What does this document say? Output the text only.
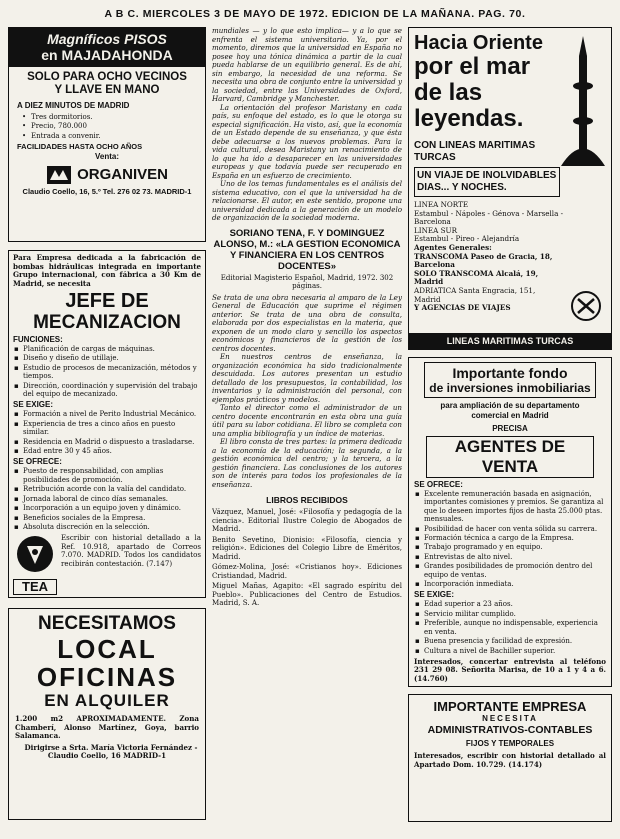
A B C. MIERCOLES 3 DE MAYO DE 1972. EDICION DE LA MAÑANA. PAG. 70.
Magníficos PISOS
en MAJADAHONDA
SOLO PARA OCHO VECINOS Y LLAVE EN MANO
A DIEZ MINUTOS DE MADRID
• Tres dormitorios.
• Precio, 780.000
• Entrada a convenir.
FACILIDADES HASTA OCHO AÑOS
Venta:
ORGANIVEN
Claudio Coello, 16, 5.º Tel. 276 02 73. MADRID-1
Para Empresa dedicada a la fabricación de bombas hidráulicas integrada en importante Grupo internacional, con fábrica a 30 Km de Madrid, se necesita
JEFE DE
MECANIZACION
FUNCIONES:
▪ Planificación de cargas de máquinas.
▪ Diseño y diseño de utillaje.
▪ Estudio de procesos de mecanización, métodos y tiempos.
▪ Dirección, coordinación y supervisión del trabajo del equipo de mecanizado.
SE EXIGE:
▪ Formación a nivel de Perito Industrial Mecánico.
▪ Experiencia de tres a cinco años en puesto similar.
▪ Residencia en Madrid o dispuesto a trasladarse.
▪ Edad entre 30 y 45 años.
SE OFRECE:
▪ Puesto de responsabilidad, con amplias posibilidades de promoción.
▪ Retribución acorde con la valía del candidato.
▪ Jornada laboral de cinco días semanales.
▪ Incorporación a un equipo joven y dinámico.
▪ Beneficios sociales de la Empresa.
▪ Absoluta discreción en la selección.
TEA
Escribir con historial detallado a la Ref. 10.918, apartado de Correos 7.070. MADRID. Todos los candidatos recibirán contestación. (7.147)
NECESITAMOS
LOCAL
OFICINAS
EN ALQUILER
1.200 m2 APROXIMADAMENTE. Zona Chamberí, Alonso Martínez, Goya, barrio Salamanca.
Dirigirse a Srta. María Victoria Fernández - Claudio Coello, 16 MADRID-1

mundiales — y lo que esto implica— y a lo que se enfrenta el sistema universitario. Ya, por el momento, diremos que la universidad en España no posee hoy una tónica dinámica a partir de la cual pueda hablarse de un equilibrio general. Es de ahí, sin embargo, la necesidad de una reforma. Se necesita una obra de conjunto entre la universidad y la sociedad, entre las Universidades de Oxford, Harvard, Cambridge y Manchester.

La orientación del profesor Maristany en cada país, su enfoque del estado, es lo que le otorga su especial significación. Ha visto, así, que la economía de un Estado depende de su enseñanza, y que ésta debe adecuarse a los nuevos problemas. Para la vida cultural, desea Maristany un renacimiento de lo que ha ido a desaparecer en las universidades europeas y que todavía puede ser recuperado en España en un esfuerzo de crecimiento.

Uno de los temas fundamentales es el análisis del sistema educativo, con el que la universidad ha de relacionarse. El autor, en este sentido, propone una universidad dedicada a la generación de un modelo de organización de la sociedad moderna.

SORIANO TENA, F. Y DOMINGUEZ ALONSO, M.: «LA GESTION ECONOMICA Y FINANCIERA EN LOS CENTROS DOCENTES»
Editorial Magisterio Español, Madrid, 1972. 302 páginas.

Se trata de una obra necesaria al amparo de la Ley General de Educación que suprime el régimen anterior. Se trata de una obra de consulta, elaborada por dos especialistas en la materia, que exponen de un modo claro y sencillo los aspectos económicos y financieros de la gestión de los centros docentes.

En nuestros centros de enseñanza, la organización económica ha sido tradicionalmente descuidada. Los autores presentan un estudio detallado de los presupuestos, la contabilidad, los inventarios y la administración del personal, con ejemplos prácticos y modelos.

Tanto el director como el administrador de un centro docente encontrarán en esta obra una guía útil para su labor cotidiana. El libro se completa con una amplia bibliografía y un índice de materias.

El libro consta de tres partes: la primera dedicada a la economía de la educación; la segunda, a la gestión económica del centro; y la tercera, a la gestión financiera. Las conclusiones de los autores son de interés para todos los profesionales de la enseñanza.

LIBROS RECIBIDOS

Vázquez, Manuel, José: «Filosofía y pedagogía de la ciencia». Editorial Ilustre Colegio de Abogados de Madrid.

Benito Sevetino, Dionisio: «Filosofía, ciencia y religión». Ediciones del Colegio Libre de Eméritos, Madrid.

Gómez-Molina, José: «Cristianos hoy». Ediciones Cristiandad, Madrid.

Miguel Mañas, Agapito: «El sagrado espíritu del Pueblo». Publicaciones del Centro de Estudios. Madrid, S. A.

Hacia Oriente
por el mar
de las
leyendas.
CON LINEAS MARITIMAS TURCAS
UN VIAJE DE INOLVIDABLES DIAS... Y NOCHES.
LINEA NORTE
Estambul - Nápoles - Génova - Marsella - Barcelona
LINEA SUR
Estambul - Pireo - Alejandría
Agentes Generales:
TRANSCOMA Paseo de Gracia, 18, Barcelona
SOLO TRANSCOMA Alcalá, 19, Madrid
ADRIATICA Santa Engracia, 151, Madrid
Y AGENCIAS DE VIAJES
LINEAS MARITIMAS TURCAS
Importante fondo
de inversiones inmobiliarias
para ampliación de su departamento comercial en Madrid
PRECISA
AGENTES DE VENTA
SE OFRECE:
▪ Excelente remuneración basada en asignación, importantes comisiones y premios. Se garantiza al que lo deseen importes fijos de hasta 25.000 ptas. mensuales.
▪ Posibilidad de hacer con venta sólida su carrera.
▪ Formación técnica a cargo de la Empresa.
▪ Trabajo programado y en equipo.
▪ Entrevistas de alto nivel.
▪ Grandes posibilidades de promoción dentro del equipo de ventas.
▪ Incorporación inmediata.
SE EXIGE:
▪ Edad superior a 23 años.
▪ Servicio militar cumplido.
▪ Preferible, aunque no indispensable, experiencia en venta.
▪ Buena presencia y facilidad de expresión.
▪ Cultura a nivel de Bachiller superior.
Interesados, concertar entrevista al teléfono 231 29 08. Señorita Marisa, de 10 a 1 y 4 a 6. (14.760)
IMPORTANTE EMPRESA
NECESITA
ADMINISTRATIVOS-CONTABLES
FIJOS Y TEMPORALES
Interesados, escribir con historial detallado al Apartado Dom. 10.729. (14.174)
